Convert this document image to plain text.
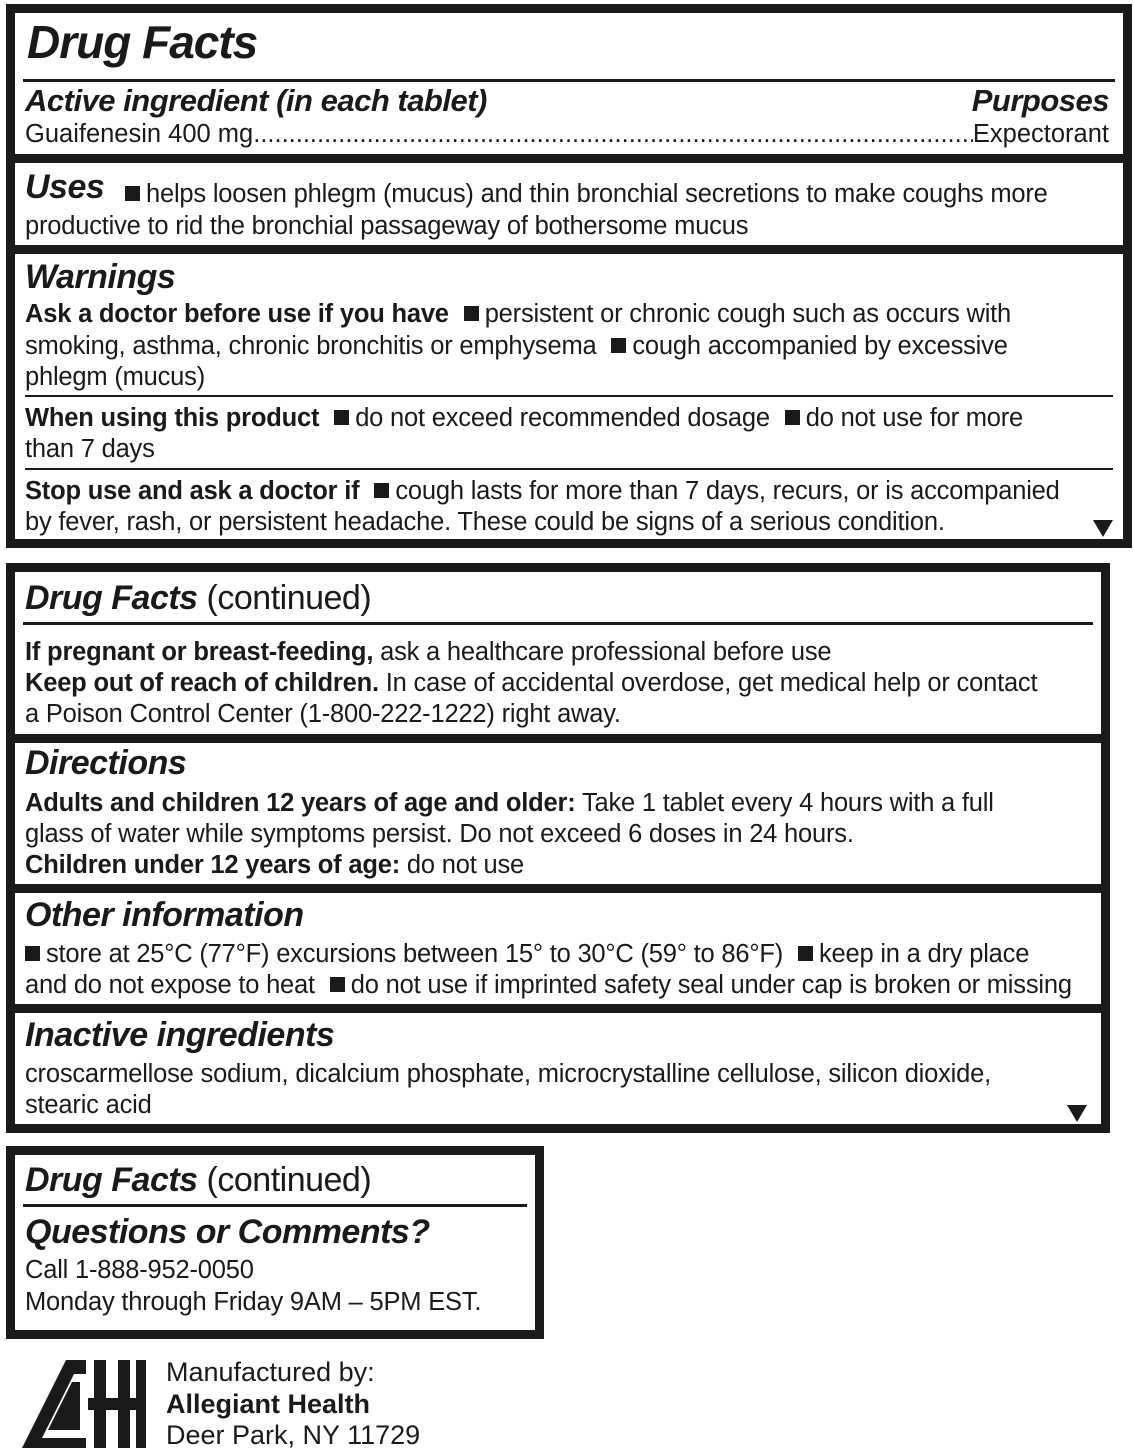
Drug Facts
Active ingredient (in each tablet)	Purposes
Guaifenesin 400 mg
.....	Expectorant
Uses	helps loosen phlegm (mucus) and thin bronchial secretions to make coughs more
productive to rid the bronchial passageway of bothersome mucus
Warnings
Ask a doctor before use if you have persistent or chronic cough such as occurs with
smoking, asthma, chronic bronchitis or emphysema cough accompanied by excessive
phlegm (mucus)
When using this product do not exceed recommended dosage do not use for more
than 7 days
Stop use and ask a doctor if cough lasts for more than 7 days, recurs, or is accompanied
by fever, rash, or persistent headache. These could be signs of a serious condition.
Drug Facts (continued)
If pregnant or breast-feeding, ask a healthcare professional before use
Keep out of reach of children. In case of accidental overdose, get medical help or contact
a Poison Control Center (1-800-222-1222) right away.
Directions
Adults and children 12 years of age and older: Take 1 tablet every 4 hours with a full
glass of water while symptoms persist. Do not exceed 6 doses in 24 hours.
Children under 12 years of age: do not use
Other information
store at 25°C (77°F) excursions between 15° to 30°C (59° to 86°F) keep in a dry place
and do not expose to heat do not use if imprinted safety seal under cap is broken or missing
Inactive ingredients
croscarmellose sodium, dicalcium phosphate, microcrystalline cellulose, silicon dioxide,
stearic acid
Drug Facts (continued)
Questions or Comments?
Call 1-888-952-0050
Monday through Friday 9AM – 5PM EST.
Manufactured by:
Allegiant Health
Deer Park, NY 11729
